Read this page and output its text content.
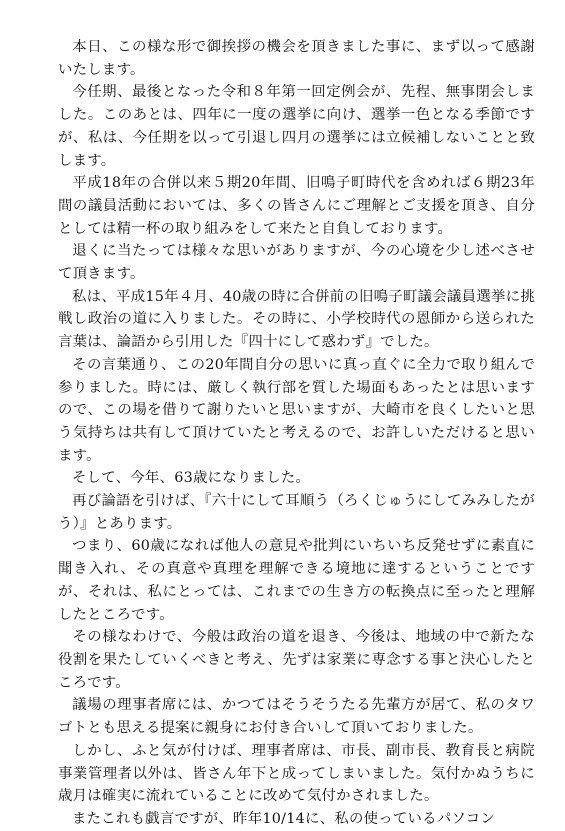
本日、この様な形で御挨拶の機会を頂きました事に、まず以って感謝いたします。

今任期、最後となった令和８年第一回定例会が、先程、無事閉会しました。このあとは、四年に一度の選挙に向け、選挙一色となる季節ですが、私は、今任期を以って引退し四月の選挙には立候補しないことと致します。

平成18年の合併以来５期20年間、旧鳴子町時代を含めれば６期23年間の議員活動においては、多くの皆さんにご理解とご支援を頂き、自分としては精一杯の取り組みをして来たと自負しております。

退くに当たっては様々な思いがありますが、今の心境を少し述べさせて頂きます。

私は、平成15年４月、40歳の時に合併前の旧鳴子町議会議員選挙に挑戦し政治の道に入りました。その時に、小学校時代の恩師から送られた言葉は、論語から引用した『四十にして惑わず』でした。

その言葉通り、この20年間自分の思いに真っ直ぐに全力で取り組んで参りました。時には、厳しく執行部を質した場面もあったとは思いますので、この場を借りて謝りたいと思いますが、大崎市を良くしたいと思う気持ちは共有して頂けていたと考えるので、お許しいただけると思います。

そして、今年、63歳になりました。

再び論語を引けば、『六十にして耳順う（ろくじゅうにしてみみしたがう）』とあります。

つまり、60歳になれば他人の意見や批判にいちいち反発せずに素直に聞き入れ、その真意や真理を理解できる境地に達するということですが、それは、私にとっては、これまでの生き方の転換点に至ったと理解したところです。

その様なわけで、今般は政治の道を退き、今後は、地域の中で新たな役割を果たしていくべきと考え、先ずは家業に専念する事と決心したところです。

議場の理事者席には、かつてはそうそうたる先輩方が居て、私のタワゴトとも思える提案に親身にお付き合いして頂いておりました。

しかし、ふと気が付けば、理事者席は、市長、副市長、教育長と病院事業管理者以外は、皆さん年下と成ってしまいました。気付かぬうちに歳月は確実に流れていることに改めて気付かされました。

またこれも戯言ですが、昨年10/14に、私の使っているパソコン
